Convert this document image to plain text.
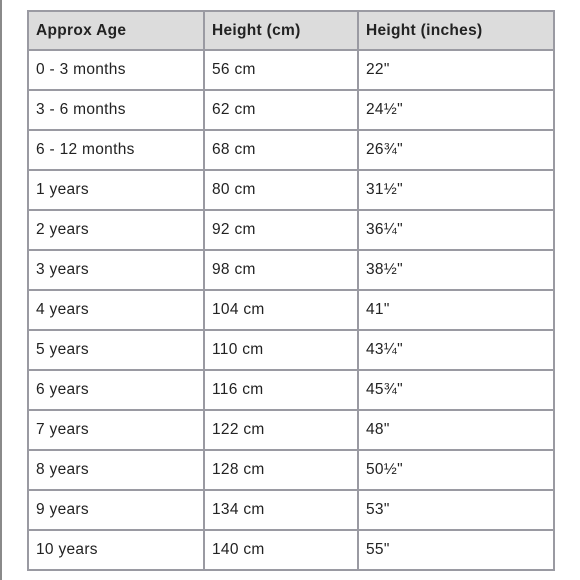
Approx Age	Height (cm)	Height (inches)
0 - 3 months	56 cm	22"
3 - 6 months	62 cm	24½"
6 - 12 months	68 cm	26¾"
1 years	80 cm	31½"
2 years	92 cm	36¼"
3 years	98 cm	38½"
4 years	104 cm	41"
5 years	110 cm	43¼"
6 years	116 cm	45¾"
7 years	122 cm	48"
8 years	128 cm	50½"
9 years	134 cm	53"
10 years	140 cm	55"
